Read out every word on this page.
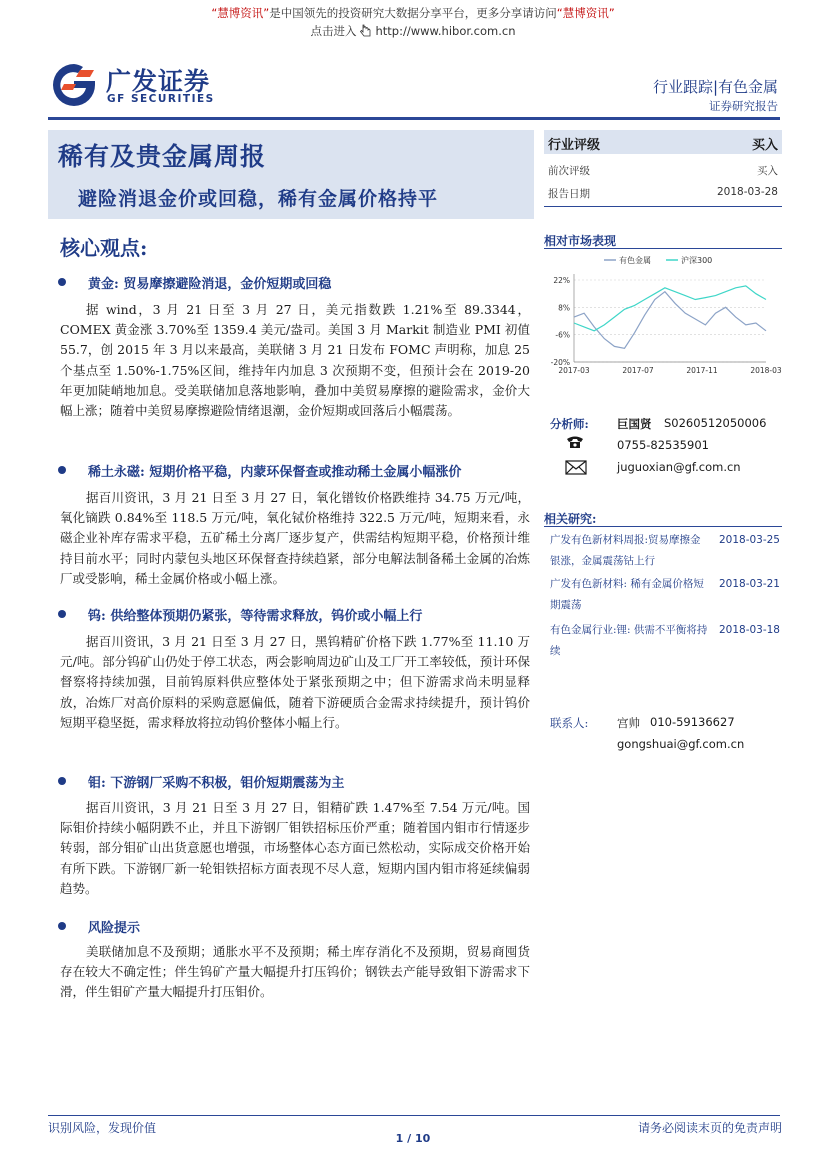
“慧博资讯”是中国领先的投资研究大数据分享平台，更多分享请访问“慧博资讯”
点击进入 http://www.hibor.com.cn
广发证券
GF SECURITIES
行业跟踪|有色金属
证券研究报告
稀有及贵金属周报
避险消退金价或回稳，稀有金属价格持平
行业评级	买入
前次评级	买入
报告日期	2018-03-28
相对市场表现
有色金属	沪深300
22%
8%
-6%
-20%
2017-03	2017-07	2017-11	2018-03
分析师: 巨国贤 S0260512050006
0755-82535901
juguoxian@gf.com.cn
相关研究:
广发有色新材料周报:贸易摩擦金银涨，金属震荡钴上行
2018-03-25
广发有色新材料: 稀有金属价格短期震荡
2018-03-21
有色金属行业:锂: 供需不平衡将持续
2018-03-18
联系人: 宫帅 010-59136627
gongshuai@gf.com.cn
核心观点:
黄金: 贸易摩擦避险消退，金价短期或回稳
据 wind，3 月 21 日至 3 月 27 日，美元指数跌 1.21%至 89.3344，COMEX 黄金涨 3.70%至 1359.4 美元/盎司。美国 3 月 Markit 制造业 PMI 初值 55.7，创 2015 年 3 月以来最高，美联储 3 月 21 日发布 FOMC 声明称，加息 25 个基点至 1.50%-1.75%区间，维持年内加息 3 次预期不变，但预计会在 2019-20 年更加陡峭地加息。受美联储加息落地影响，叠加中美贸易摩擦的避险需求，金价大幅上涨；随着中美贸易摩擦避险情绪退潮，金价短期或回落后小幅震荡。
稀土永磁: 短期价格平稳，内蒙环保督查或推动稀土金属小幅涨价
据百川资讯，3 月 21 日至 3 月 27 日，氧化镨钕价格跌维持 34.75 万元/吨，氧化镝跌 0.84%至 118.5 万元/吨，氧化铽价格维持 322.5 万元/吨，短期来看，永磁企业补库存需求平稳，五矿稀土分离厂逐步复产，供需结构短期平稳，价格预计维持目前水平；同时内蒙包头地区环保督查持续趋紧，部分电解法制备稀土金属的冶炼厂或受影响，稀土金属价格或小幅上涨。
钨: 供给整体预期仍紧张，等待需求释放，钨价或小幅上行
据百川资讯，3 月 21 日至 3 月 27 日，黑钨精矿价格下跌 1.77%至 11.10 万元/吨。部分钨矿山仍处于停工状态，两会影响周边矿山及工厂开工率较低，预计环保督察将持续加强，目前钨原料供应整体处于紧张预期之中；但下游需求尚未明显释放，冶炼厂对高价原料的采购意愿偏低，随着下游硬质合金需求持续提升，预计钨价短期平稳坚挺，需求释放将拉动钨价整体小幅上行。
钼: 下游钢厂采购不积极，钼价短期震荡为主
据百川资讯，3 月 21 日至 3 月 27 日，钼精矿跌 1.47%至 7.54 万元/吨。国际钼价持续小幅阴跌不止，并且下游钢厂钼铁招标压价严重；随着国内钼市行情逐步转弱，部分钼矿山出货意愿也增强，市场整体心态方面已然松动，实际成交价格开始有所下跌。下游钢厂新一轮钼铁招标方面表现不尽人意，短期内国内钼市将延续偏弱趋势。
风险提示
美联储加息不及预期；通胀水平不及预期；稀土库存消化不及预期，贸易商囤货存在较大不确定性；伴生钨矿产量大幅提升打压钨价；钢铁去产能导致钼下游需求下滑，伴生钼矿产量大幅提升打压钼价。
识别风险，发现价值	请务必阅读末页的免责声明
1 / 10
